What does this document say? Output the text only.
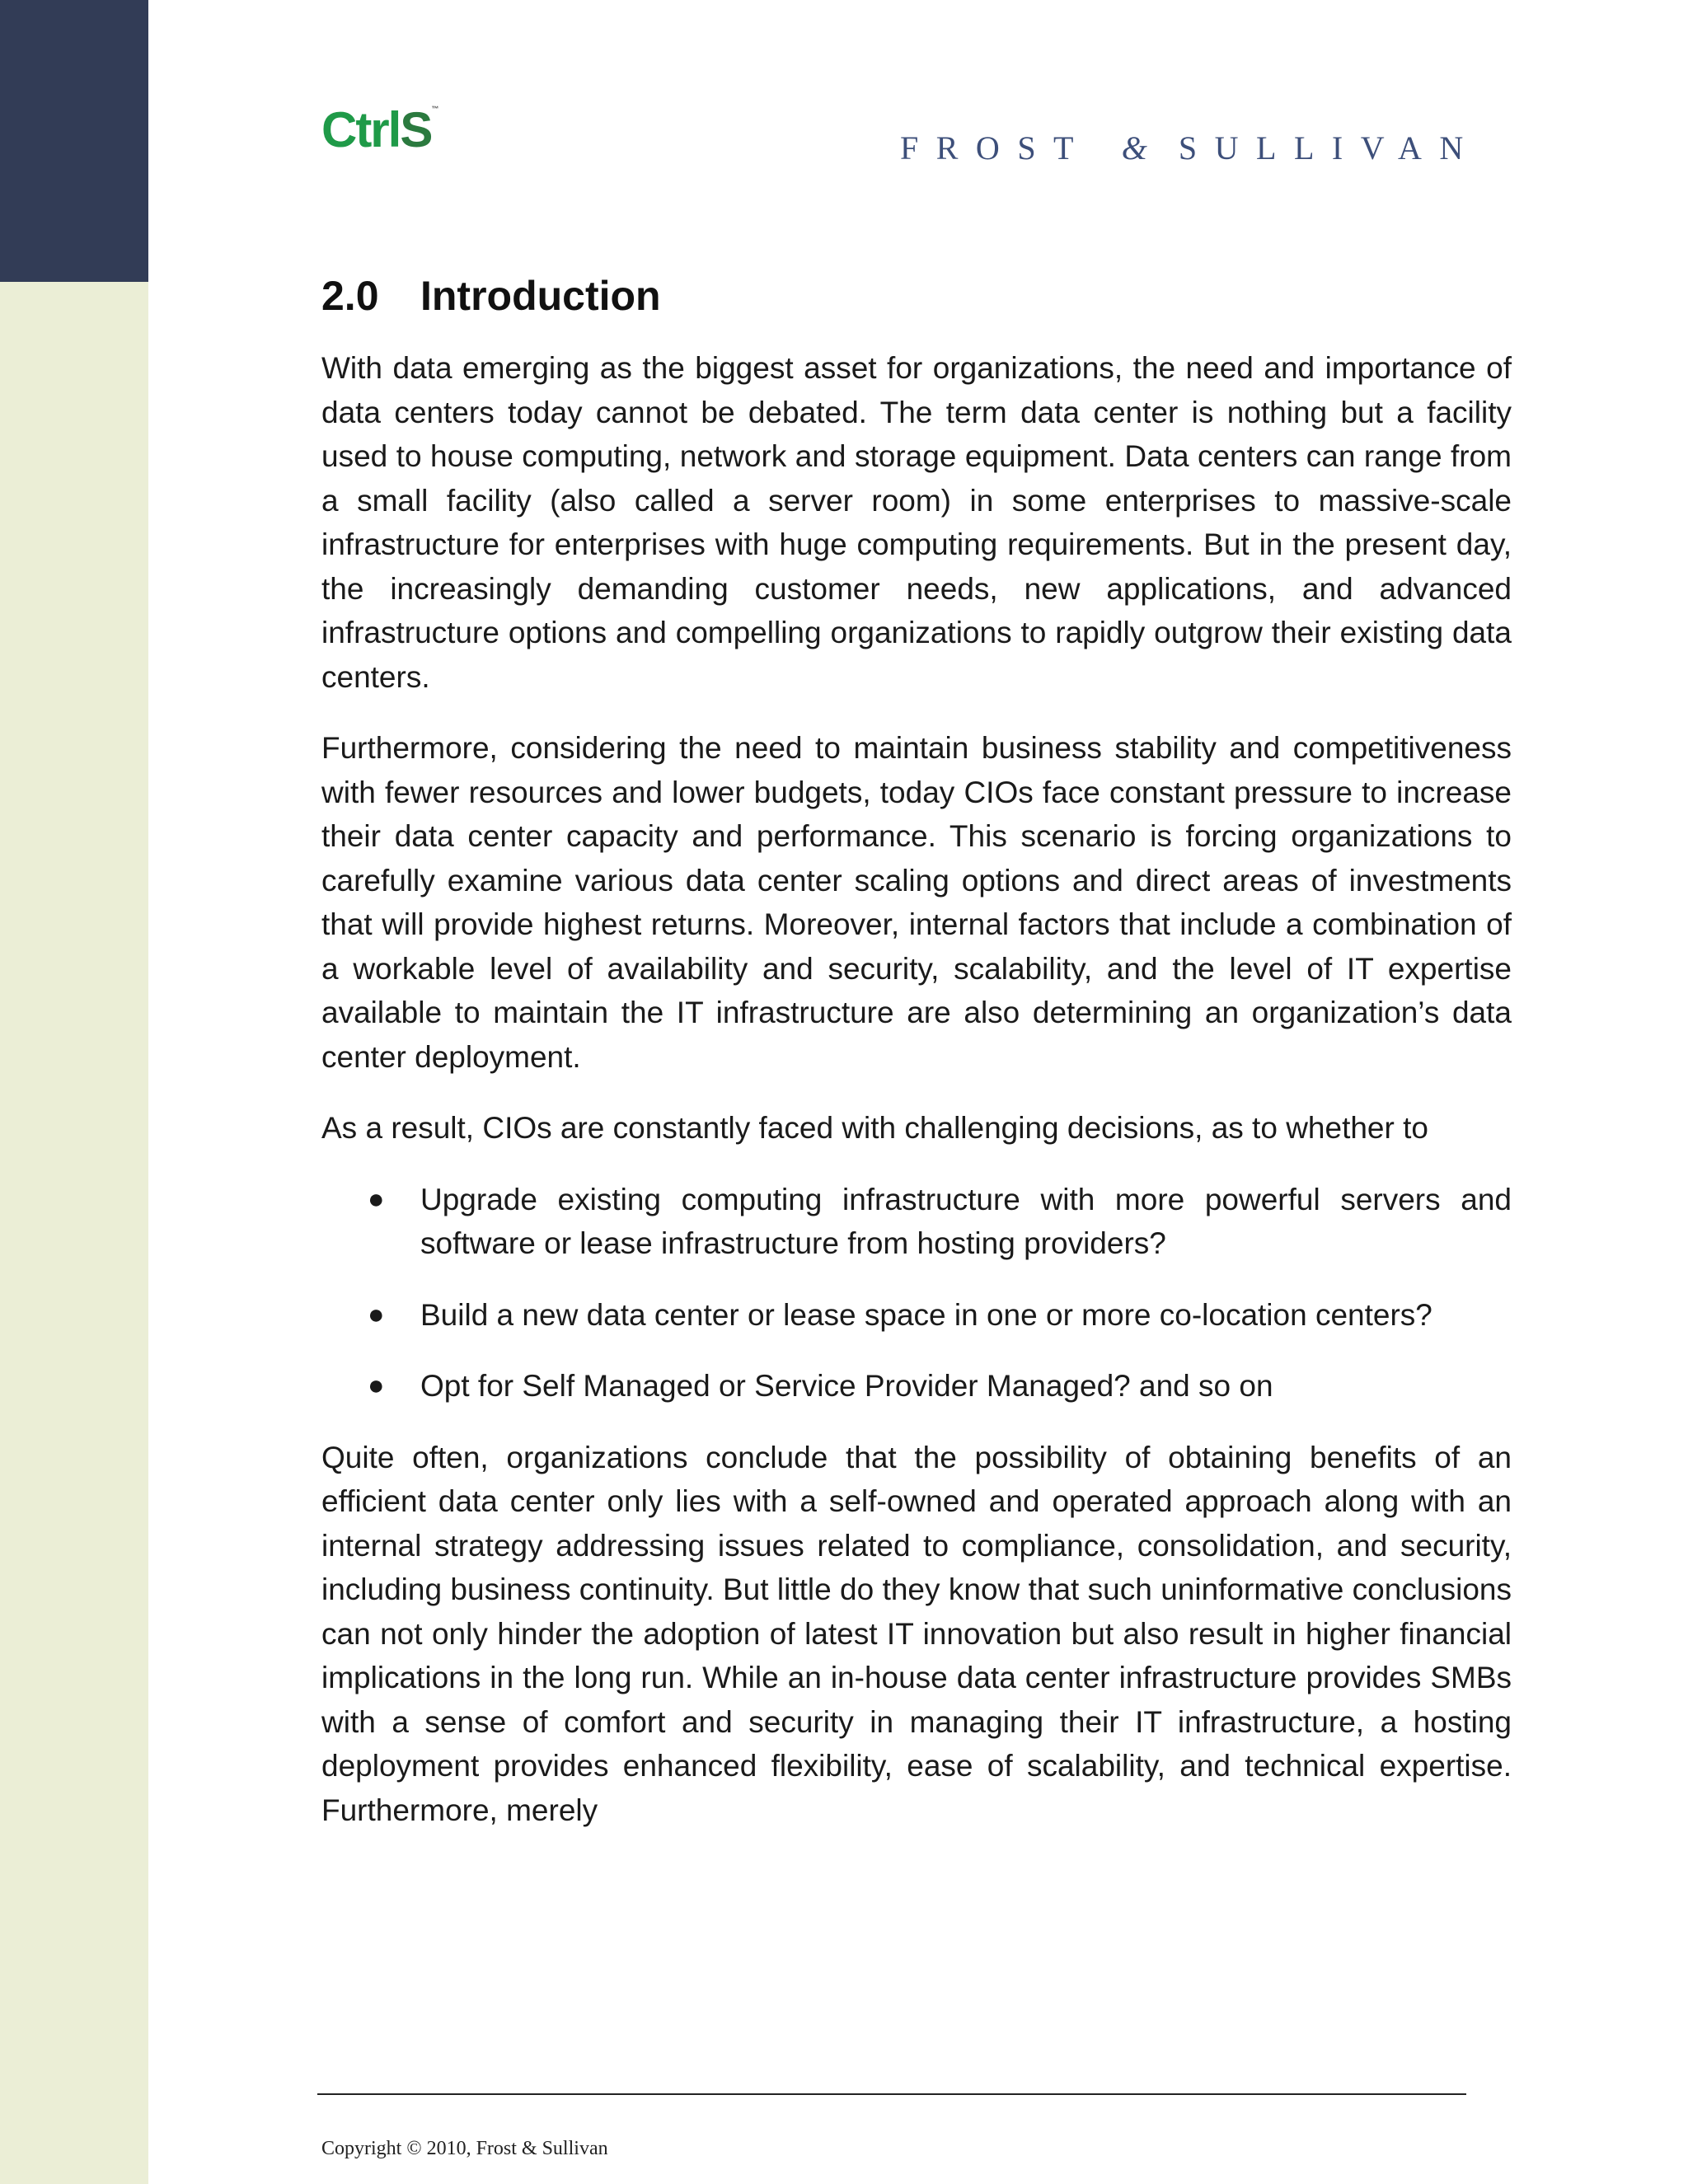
CtrlS™
FROST & SULLIVAN
2.0 Introduction

With data emerging as the biggest asset for organizations, the need and importance of data centers today cannot be debated. The term data center is nothing but a facility used to house computing, network and storage equipment. Data centers can range from a small facility (also called a server room) in some enterprises to massive-scale infrastructure for enterprises with huge computing requirements. But in the present day, the increasingly demanding customer needs, new applications, and advanced infrastructure options and compelling organizations to rapidly outgrow their existing data centers.

Furthermore, considering the need to maintain business stability and competitiveness with fewer resources and lower budgets, today CIOs face constant pressure to increase their data center capacity and performance. This scenario is forcing organizations to carefully examine various data center scaling options and direct areas of investments that will provide highest returns. Moreover, internal factors that include a combination of a workable level of availability and security, scalability, and the level of IT expertise available to maintain the IT infrastructure are also determining an organization’s data center deployment.

As a result, CIOs are constantly faced with challenging decisions, as to whether to

● Upgrade existing computing infrastructure with more powerful servers and software or lease infrastructure from hosting providers?
● Build a new data center or lease space in one or more co-location centers?
● Opt for Self Managed or Service Provider Managed? and so on

Quite often, organizations conclude that the possibility of obtaining benefits of an efficient data center only lies with a self-owned and operated approach along with an internal strategy addressing issues related to compliance, consolidation, and security, including business continuity. But little do they know that such uninformative conclusions can not only hinder the adoption of latest IT innovation but also result in higher financial implications in the long run. While an in-house data center infrastructure provides SMBs with a sense of comfort and security in managing their IT infrastructure, a hosting deployment provides enhanced flexibility, ease of scalability, and technical expertise. Furthermore, merely

Copyright © 2010, Frost & Sullivan
